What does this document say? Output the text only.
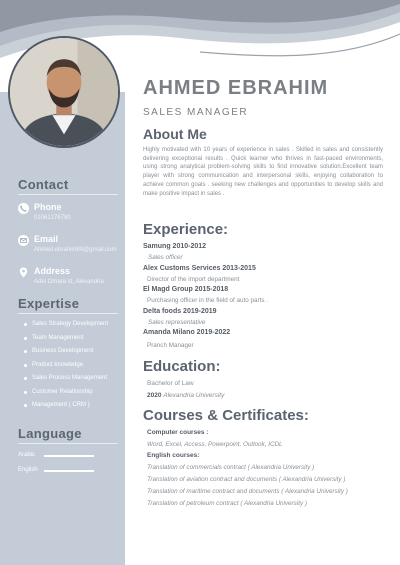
Contact
Phone
01061276780
Email
Ahmed.ebrahim80@gmail.com
Address
Adel Omara st, Alexandria
Expertise
Sales Strategy Development
Team Management
Business Development
Product knowledge
Sales Process Management
Customer Relationship
Management ( CRM )
Language
Arabic
English
AHMED EBRAHIM
SALES MANAGER
About Me
Highly motivated with 10 years of experience in sales . Skilled in sales and consistently delivering exceptional results . Quick learner who thrives in fast-paced environments, using strong analytical problem-solving skills to find innovative solution.Excellent team player with strong communication and interpersonal skills, enjoying collaboration to achieve common goals . seeking new challenges and opportunities to develop skills and make positive impact in sales .
Experience:
Samung 2010-2012
Sales officer
Alex Customs Services 2013-2015
Director of the import department
El Magd Group 2015-2018
Purchasing officer in the field of auto parts .
Delta foods 2019-2019
Sales representative
Amanda Milano 2019-2022
Pranch Manager
Education:
Bachelor of Law
2020 Alexandria University
Courses & Certificates:
Computer courses :
Word, Excel, Access, Powerpoint, Outlook, ICDL
English courses:
Translation of commercials contract ( Alexandria University )
Translation of aviation contract and documents ( Alexandria University )
Translation of maritime contract and documents ( Alexandria University )
Translation of petroleum contract ( Alexandria University )
